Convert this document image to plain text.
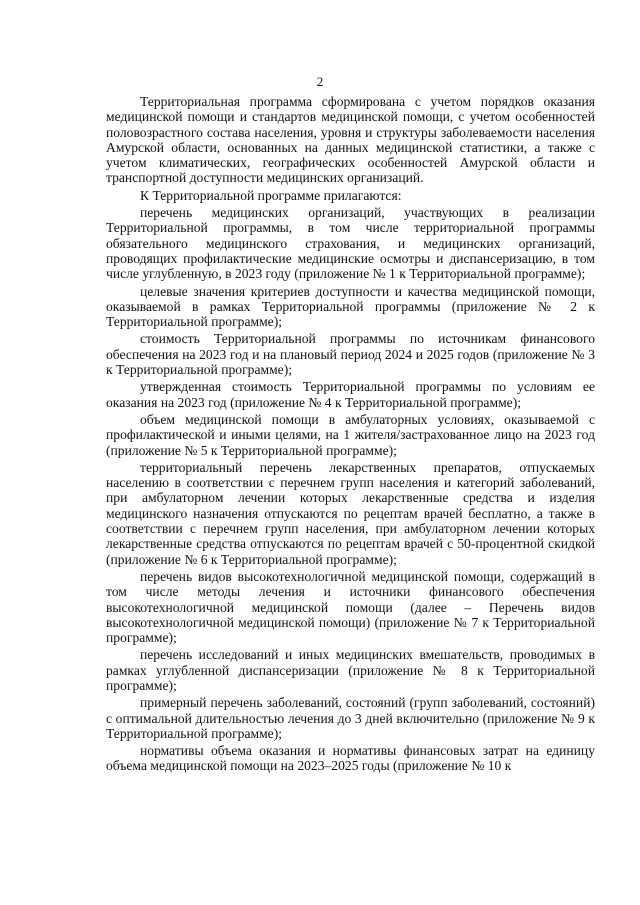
2

Территориальная программа сформирована с учетом порядков оказания медицинской помощи и стандартов медицинской помощи, с учетом особенностей половозрастного состава населения, уровня и структуры заболеваемости населения Амурской области, основанных на данных медицинской статистики, а также с учетом климатических, географических особенностей Амурской области и транспортной доступности медицинских организаций.

К Территориальной программе прилагаются:

перечень медицинских организаций, участвующих в реализации Территориальной программы, в том числе территориальной программы обязательного медицинского страхования, и медицинских организаций, проводящих профилактические медицинские осмотры и диспансеризацию, в том числе углубленную, в 2023 году (приложение № 1 к Территориальной программе);

целевые значения критериев доступности и качества медицинской помощи, оказываемой в рамках Территориальной программы (приложение № 2 к Территориальной программе);

стоимость Территориальной программы по источникам финансового обеспечения на 2023 год и на плановый период 2024 и 2025 годов (приложение № 3 к Территориальной программе);

утвержденная стоимость Территориальной программы по условиям ее оказания на 2023 год (приложение № 4 к Территориальной программе);

объем медицинской помощи в амбулаторных условиях, оказываемой с профилактической и иными целями, на 1 жителя/застрахованное лицо на 2023 год (приложение № 5 к Территориальной программе);

территориальный перечень лекарственных препаратов, отпускаемых населению в соответствии с перечнем групп населения и категорий заболеваний, при амбулаторном лечении которых лекарственные средства и изделия медицинского назначения отпускаются по рецептам врачей бесплатно, а также в соответствии с перечнем групп населения, при амбулаторном лечении которых лекарственные средства отпускаются по рецептам врачей с 50-процентной скидкой (приложение № 6 к Территориальной программе);

перечень видов высокотехнологичной медицинской помощи, содержащий в том числе методы лечения и источники финансового обеспечения высокотехнологичной медицинской помощи (далее – Перечень видов высокотехнологичной медицинской помощи) (приложение № 7 к Территориальной программе);

перечень исследований и иных медицинских вмешательств, проводимых в рамках углубленной диспансеризации (приложение № 8 к Территориальной программе);

примерный перечень заболеваний, состояний (групп заболеваний, состояний) с оптимальной длительностью лечения до 3 дней включительно (приложение № 9 к Территориальной программе);

нормативы объема оказания и нормативы финансовых затрат на единицу объема медицинской помощи на 2023–2025 годы (приложение № 10 к
